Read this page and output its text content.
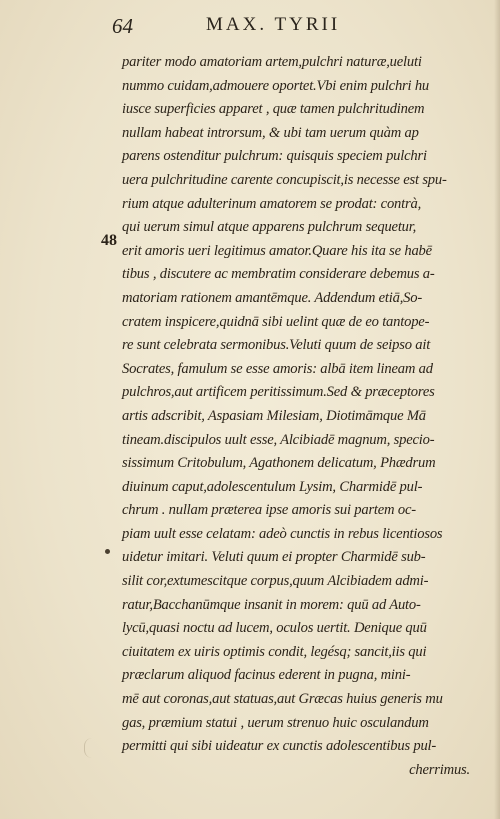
64	MAX. TYRII
48
pariter modo amatoriam artem,pulchri naturæ,ueluti
nummo cuidam,admouere oportet.Vbi enim pulchri hu
iusce superficies apparet , quæ tamen pulchritudinem
nullam habeat introrsum, & ubi tam uerum quàm ap
parens ostenditur pulchrum: quisquis speciem pulchri
uera pulchritudine carente concupiscit,is necesse est spu-
rium atque adulterinum amatorem se prodat: contrà,
qui uerum simul atque apparens pulchrum sequetur,
erit amoris ueri legitimus amator.Quare his ita se habē
tibus , discutere ac membratim considerare debemus a-
matoriam rationem amantēmque. Addendum etiā,So-
cratem inspicere,quidnā sibi uelint quæ de eo tantope-
re sunt celebrata sermonibus.Veluti quum de seipso ait
Socrates, famulum se esse amoris: albā item lineam ad
pulchros,aut artificem peritissimum.Sed & præceptores
artis adscribit, Aspasiam Milesiam, Diotimāmque Mā
tineam.discipulos uult esse, Alcibiadē magnum, specio-
sissimum Critobulum, Agathonem delicatum, Phædrum
diuinum caput,adolescentulum Lysim, Charmidē pul-
chrum . nullam præterea ipse amoris sui partem oc-
piam uult esse celatam: adeò cunctis in rebus licentiosos
uidetur imitari. Veluti quum ei propter Charmidē sub-
silit cor,extumescitque corpus,quum Alcibiadem admi-
ratur,Bacchanūmque insanit in morem: quū ad Auto-
lycū,quasi noctu ad lucem, oculos uertit. Denique quū
ciuitatem ex uiris optimis condit, legésq; sancit,iis qui
præclarum aliquod facinus ederent in pugna, mini-
mē aut coronas,aut statuas,aut Græcas huius generis mu
gas, præmium statui , uerum strenuo huic osculandum
permitti qui sibi uideatur ex cunctis adolescentibus pul-
cherrimus.
